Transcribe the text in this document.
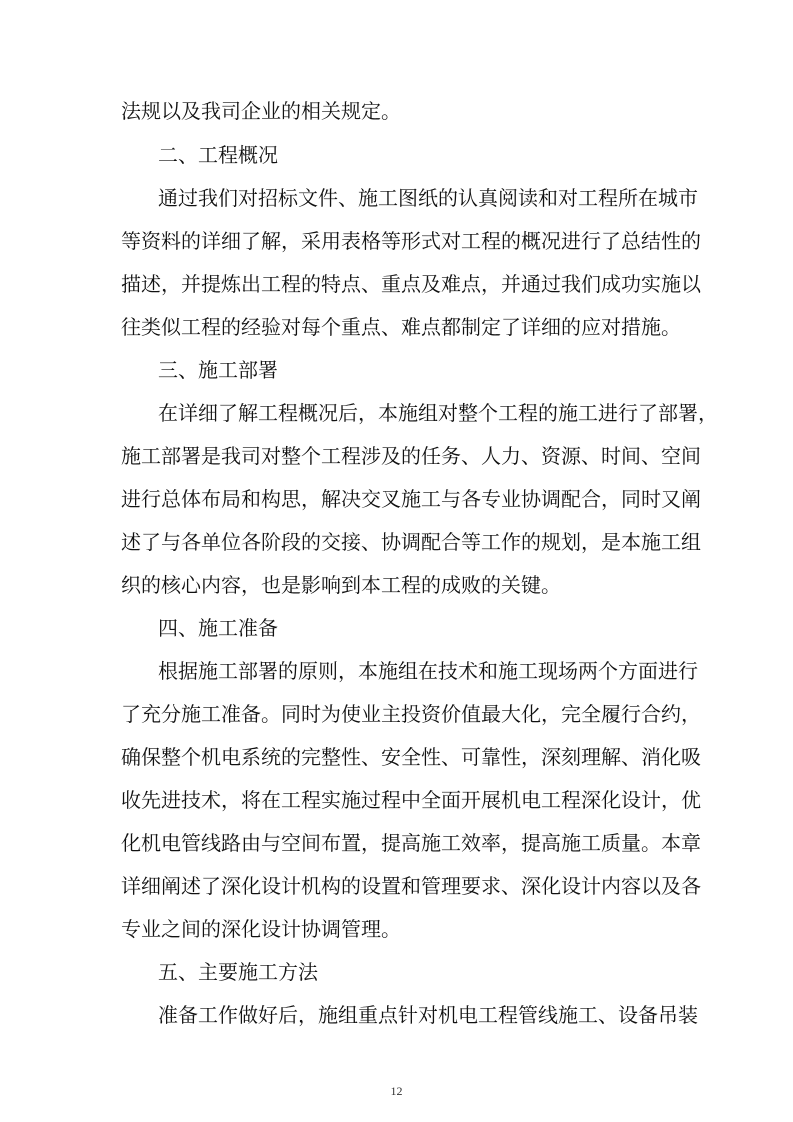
法规以及我司企业的相关规定。
二、工程概况
通过我们对招标文件、施工图纸的认真阅读和对工程所在城市
等资料的详细了解，采用表格等形式对工程的概况进行了总结性的
描述，并提炼出工程的特点、重点及难点，并通过我们成功实施以
往类似工程的经验对每个重点、难点都制定了详细的应对措施。
三、施工部署
在详细了解工程概况后，本施组对整个工程的施工进行了部署，
施工部署是我司对整个工程涉及的任务、人力、资源、时间、空间
进行总体布局和构思，解决交叉施工与各专业协调配合，同时又阐
述了与各单位各阶段的交接、协调配合等工作的规划，是本施工组
织的核心内容，也是影响到本工程的成败的关键。
四、施工准备
根据施工部署的原则，本施组在技术和施工现场两个方面进行
了充分施工准备。同时为使业主投资价值最大化，完全履行合约，
确保整个机电系统的完整性、安全性、可靠性，深刻理解、消化吸
收先进技术，将在工程实施过程中全面开展机电工程深化设计，优
化机电管线路由与空间布置，提高施工效率，提高施工质量。本章
详细阐述了深化设计机构的设置和管理要求、深化设计内容以及各
专业之间的深化设计协调管理。
五、主要施工方法
准备工作做好后，施组重点针对机电工程管线施工、设备吊装
12
